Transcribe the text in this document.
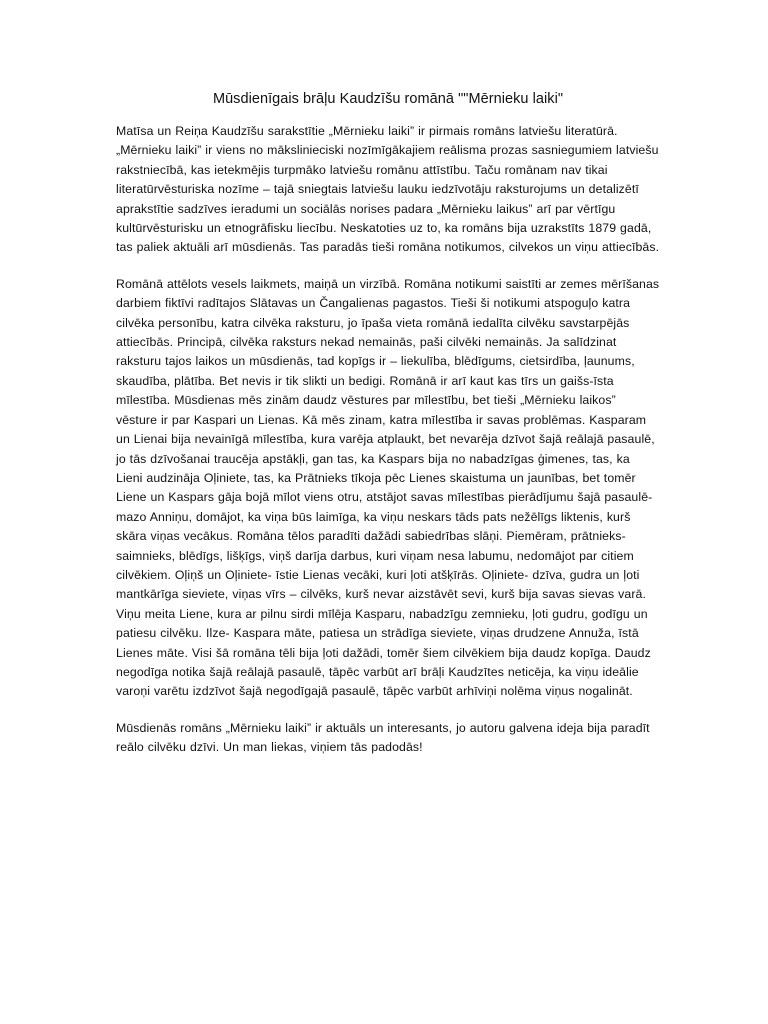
Mūsdienīgais brāļu Kaudzīšu romānā ""Mērnieku laiki"

Matīsa un Reiņa Kaudzīšu sarakstītie „Mērnieku laiki” ir pirmais romāns latviešu literatūrā. „Mērnieku laiki” ir viens no mākslinieciski nozīmīgākajiem reālisma prozas sasniegumiem latviešu rakstniecībā, kas ietekmējis turpmāko latviešu romānu attīstību. Taču romānam nav tikai literatūrvēsturiska nozīme – tajā sniegtais latviešu lauku iedzīvotāju raksturojums un detalizētī aprakstītie sadzīves ieradumi un sociālās norises padara „Mērnieku laikus” arī par vērtīgu kultūrvēsturisku un etnogrāfisku liecību. Neskatoties uz to, ka romāns bija uzrakstīts 1879 gadā, tas paliek aktuāli arī mūsdienās. Tas paradās tieši romāna notikumos, cilvekos un viņu attiecībās.

Romānā attēlots vesels laikmets, maiņā un virzībā. Romāna notikumi saistīti ar zemes mērīšanas darbiem fiktīvi radītajos Slātavas un Čangalienas pagastos. Tieši ši notikumi atspoguļo katra cilvēka personību, katra cilvēka raksturu, jo īpaša vieta romānā iedalīta cilvēku savstarpējās attiecībās. Principā, cilvēka raksturs nekad nemainās, paši cilvēki nemainās. Ja salīdzinat raksturu tajos laikos un mūsdienās, tad kopīgs ir – liekulība, blēdīgums, cietsirdība, ļaunums, skaudība, plātība. Bet nevis ir tik slikti un bedigi. Romānā ir arī kaut kas tīrs un gaišs-īsta mīlestība. Mūsdienas mēs zinām daudz vēstures par mīlestību, bet tieši „Mērnieku laikos” vēsture ir par Kaspari un Lienas. Kā mēs zinam, katra mīlestība ir savas problēmas. Kasparam un Lienai bija nevainīgā mīlestība, kura varēja atplaukt, bet nevarēja dzīvot šajā reālajā pasaulē, jo tās dzīvošanai traucēja apstākļi, gan tas, ka Kaspars bija no nabadzīgas ģimenes, tas, ka Lieni audzināja Oļiniete, tas, ka Prātnieks tīkoja pēc Lienes skaistuma un jaunības, bet tomēr Liene un Kaspars gāja bojā mīlot viens otru, atstājot savas mīlestības pierādījumu šajā pasaulē-mazo Anniņu, domājot, ka viņa būs laimīga, ka viņu neskars tāds pats nežēlīgs liktenis, kurš skāra viņas vecākus. Romāna tēlos paradīti dažādi sabiedrības slāņi. Piemēram, prātnieks- saimnieks, blēdīgs, lišķīgs, viņš darīja darbus, kuri viņam nesa labumu, nedomājot par citiem cilvēkiem. Oļiņš un Oļiniete- īstie Lienas vecāki, kuri ļoti atšķīrās. Oļiniete- dzīva, gudra un ļoti mantkārīga sieviete, viņas vīrs – cilvēks, kurš nevar aizstāvēt sevi, kurš bija savas sievas varā. Viņu meita Liene, kura ar pilnu sirdi mīlēja Kasparu, nabadzīgu zemnieku, ļoti gudru, godīgu un patiesu cilvēku. Ilze- Kaspara māte, patiesa un strādīga sieviete, viņas drudzene Annuža, īstā Lienes māte. Visi šā romāna tēli bija ļoti dažādi, tomēr šiem cilvēkiem bija daudz kopīga. Daudz negodīga notika šajā reālajā pasaulē, tāpēc varbūt arī brāļi Kaudzītes neticēja, ka viņu ideālie varoņi varētu izdzīvot šajā negodīgajā pasaulē, tāpēc varbūt arhīviņi nolēma viņus nogalināt.

Mūsdienās romāns „Mērnieku laiki” ir aktuāls un interesants, jo autoru galvena ideja bija paradīt reālo cilvēku dzīvi. Un man liekas, viņiem tās padodās!
